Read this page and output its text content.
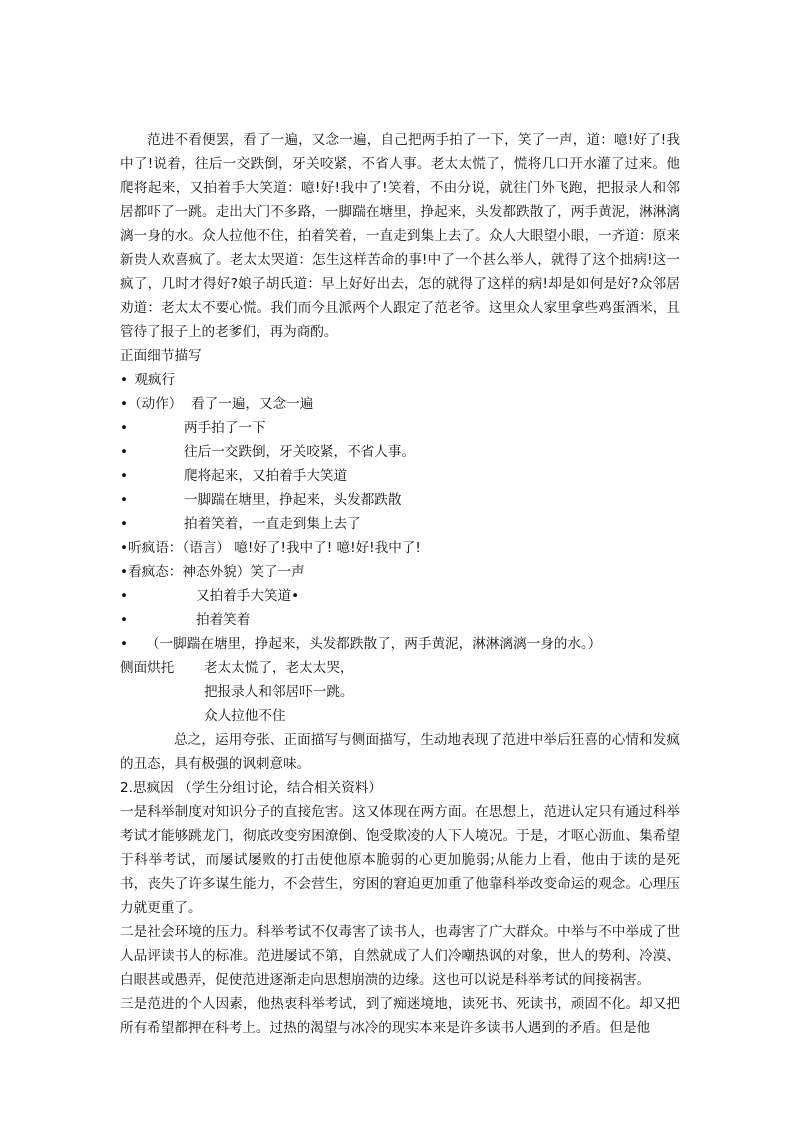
范进不看便罢，看了一遍，又念一遍，自己把两手拍了一下，笑了一声，道：噫!好了!我中了!说着，往后一交跌倒，牙关咬紧，不省人事。老太太慌了，慌将几口开水灌了过来。他爬将起来，又拍着手大笑道：噫!好!我中了!笑着，不由分说，就往门外飞跑，把报录人和邻居都吓了一跳。走出大门不多路，一脚踹在塘里，挣起来，头发都跌散了，两手黄泥，淋淋漓漓一身的水。众人拉他不住，拍着笑着，一直走到集上去了。众人大眼望小眼，一齐道：原来新贵人欢喜疯了。老太太哭道：怎生这样苦命的事!中了一个甚么举人，就得了这个拙病!这一疯了，几时才得好?娘子胡氏道：早上好好出去，怎的就得了这样的病!却是如何是好?众邻居劝道：老太太不要心慌。我们而今且派两个人跟定了范老爷。这里众人家里拿些鸡蛋酒米，且管待了报子上的老爹们，再为商酌。

正面细节描写
• 观疯行
•（动作） 看了一遍，又念一遍
•	两手拍了一下
•	往后一交跌倒，牙关咬紧，不省人事。
•	爬将起来，又拍着手大笑道
•	一脚踹在塘里，挣起来，头发都跌散
•	拍着笑着，一直走到集上去了
•听疯语：（语言） 噫!好了!我中了! 噫!好!我中了!
•看疯态：神态外貌）笑了一声
•	又拍着手大笑道•
•	拍着笑着
• （一脚踹在塘里，挣起来，头发都跌散了，两手黄泥，淋淋漓漓一身的水。）
侧面烘托 老太太慌了，老太太哭，
把报录人和邻居吓一跳。
众人拉他不住

总之，运用夸张、正面描写与侧面描写，生动地表现了范进中举后狂喜的心情和发疯的丑态，具有极强的讽刺意味。

2.思疯因 （学生分组讨论，结合相关资料）

一是科举制度对知识分子的直接危害。这又体现在两方面。在思想上，范进认定只有通过科举考试才能够跳龙门，彻底改变穷困潦倒、饱受欺凌的人下人境况。于是，才呕心沥血、集希望于科举考试，而屡试屡败的打击使他原本脆弱的心更加脆弱;从能力上看，他由于读的是死书，丧失了许多谋生能力，不会营生，穷困的窘迫更加重了他靠科举改变命运的观念。心理压力就更重了。

二是社会环境的压力。科举考试不仅毒害了读书人，也毒害了广大群众。中举与不中举成了世人品评读书人的标准。范进屡试不第，自然就成了人们冷嘲热讽的对象，世人的势利、冷漠、白眼甚或愚弄，促使范进逐渐走向思想崩溃的边缘。这也可以说是科举考试的间接祸害。

三是范进的个人因素，他热衷科举考试，到了痴迷境地，读死书、死读书，顽固不化。却又把所有希望都押在科考上。过热的渴望与冰冷的现实本来是许多读书人遇到的矛盾。但是他
